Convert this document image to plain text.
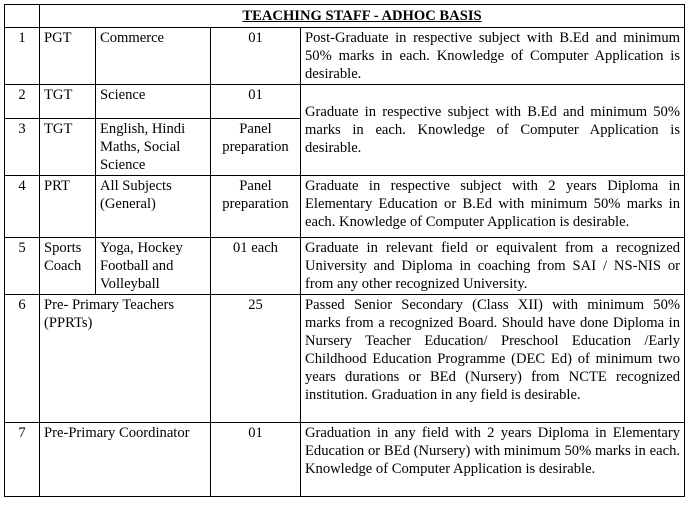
	TEACHING STAFF - ADHOC BASIS			
1	PGT	Commerce	01	Post-Graduate in respective subject with B.Ed and minimum 50% marks in each. Knowledge of Computer Application is desirable.
2	TGT	Science	01	Graduate in respective subject with B.Ed and minimum 50% marks in each. Knowledge of Computer Application is desirable.
3	TGT	English, Hindi Maths, Social Science	Panel preparation	
4	PRT	All Subjects (General)	Panel preparation	Graduate in respective subject with 2 years Diploma in Elementary Education or B.Ed with minimum 50% marks in each. Knowledge of Computer Application is desirable.
5	Sports Coach	Yoga, Hockey Football and Volleyball	01 each	Graduate in relevant field or equivalent from a recognized University and Diploma in coaching from SAI / NS-NIS or from any other recognized University.
6	Pre- Primary Teachers (PPRTs)		25	Passed Senior Secondary (Class XII) with minimum 50% marks from a recognized Board. Should have done Diploma in Nursery Teacher Education/ Preschool Education /Early Childhood Education Programme (DEC Ed) of minimum two years durations or BEd (Nursery) from NCTE recognized institution. Graduation in any field is desirable.
7	Pre-Primary Coordinator		01	Graduation in any field with 2 years Diploma in Elementary Education or BEd (Nursery) with minimum 50% marks in each. Knowledge of Computer Application is desirable.
